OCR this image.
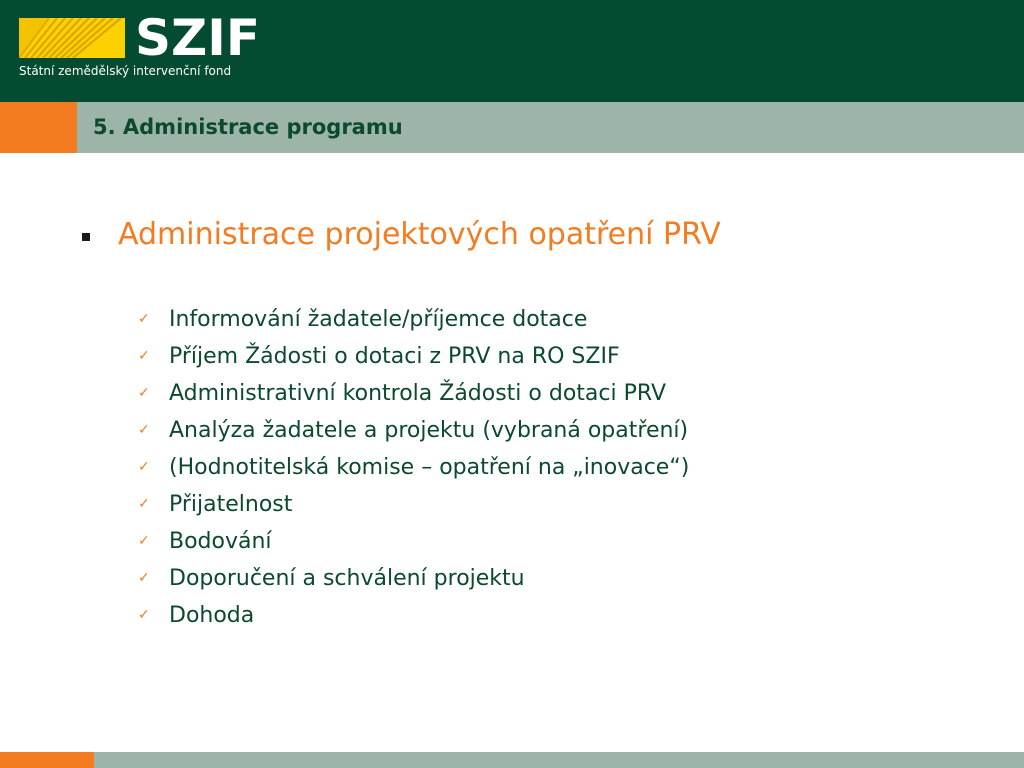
SZIF
Státní zemědělský intervenční fond
5. Administrace programu
Administrace projektových opatření PRV
✓ Informování žadatele/příjemce dotace
✓ Příjem Žádosti o dotaci z PRV na RO SZIF
✓ Administrativní kontrola Žádosti o dotaci PRV
✓ Analýza žadatele a projektu (vybraná opatření)
✓ (Hodnotitelská komise – opatření na „inovace“)
✓ Přijatelnost
✓ Bodování
✓ Doporučení a schválení projektu
✓ Dohoda
